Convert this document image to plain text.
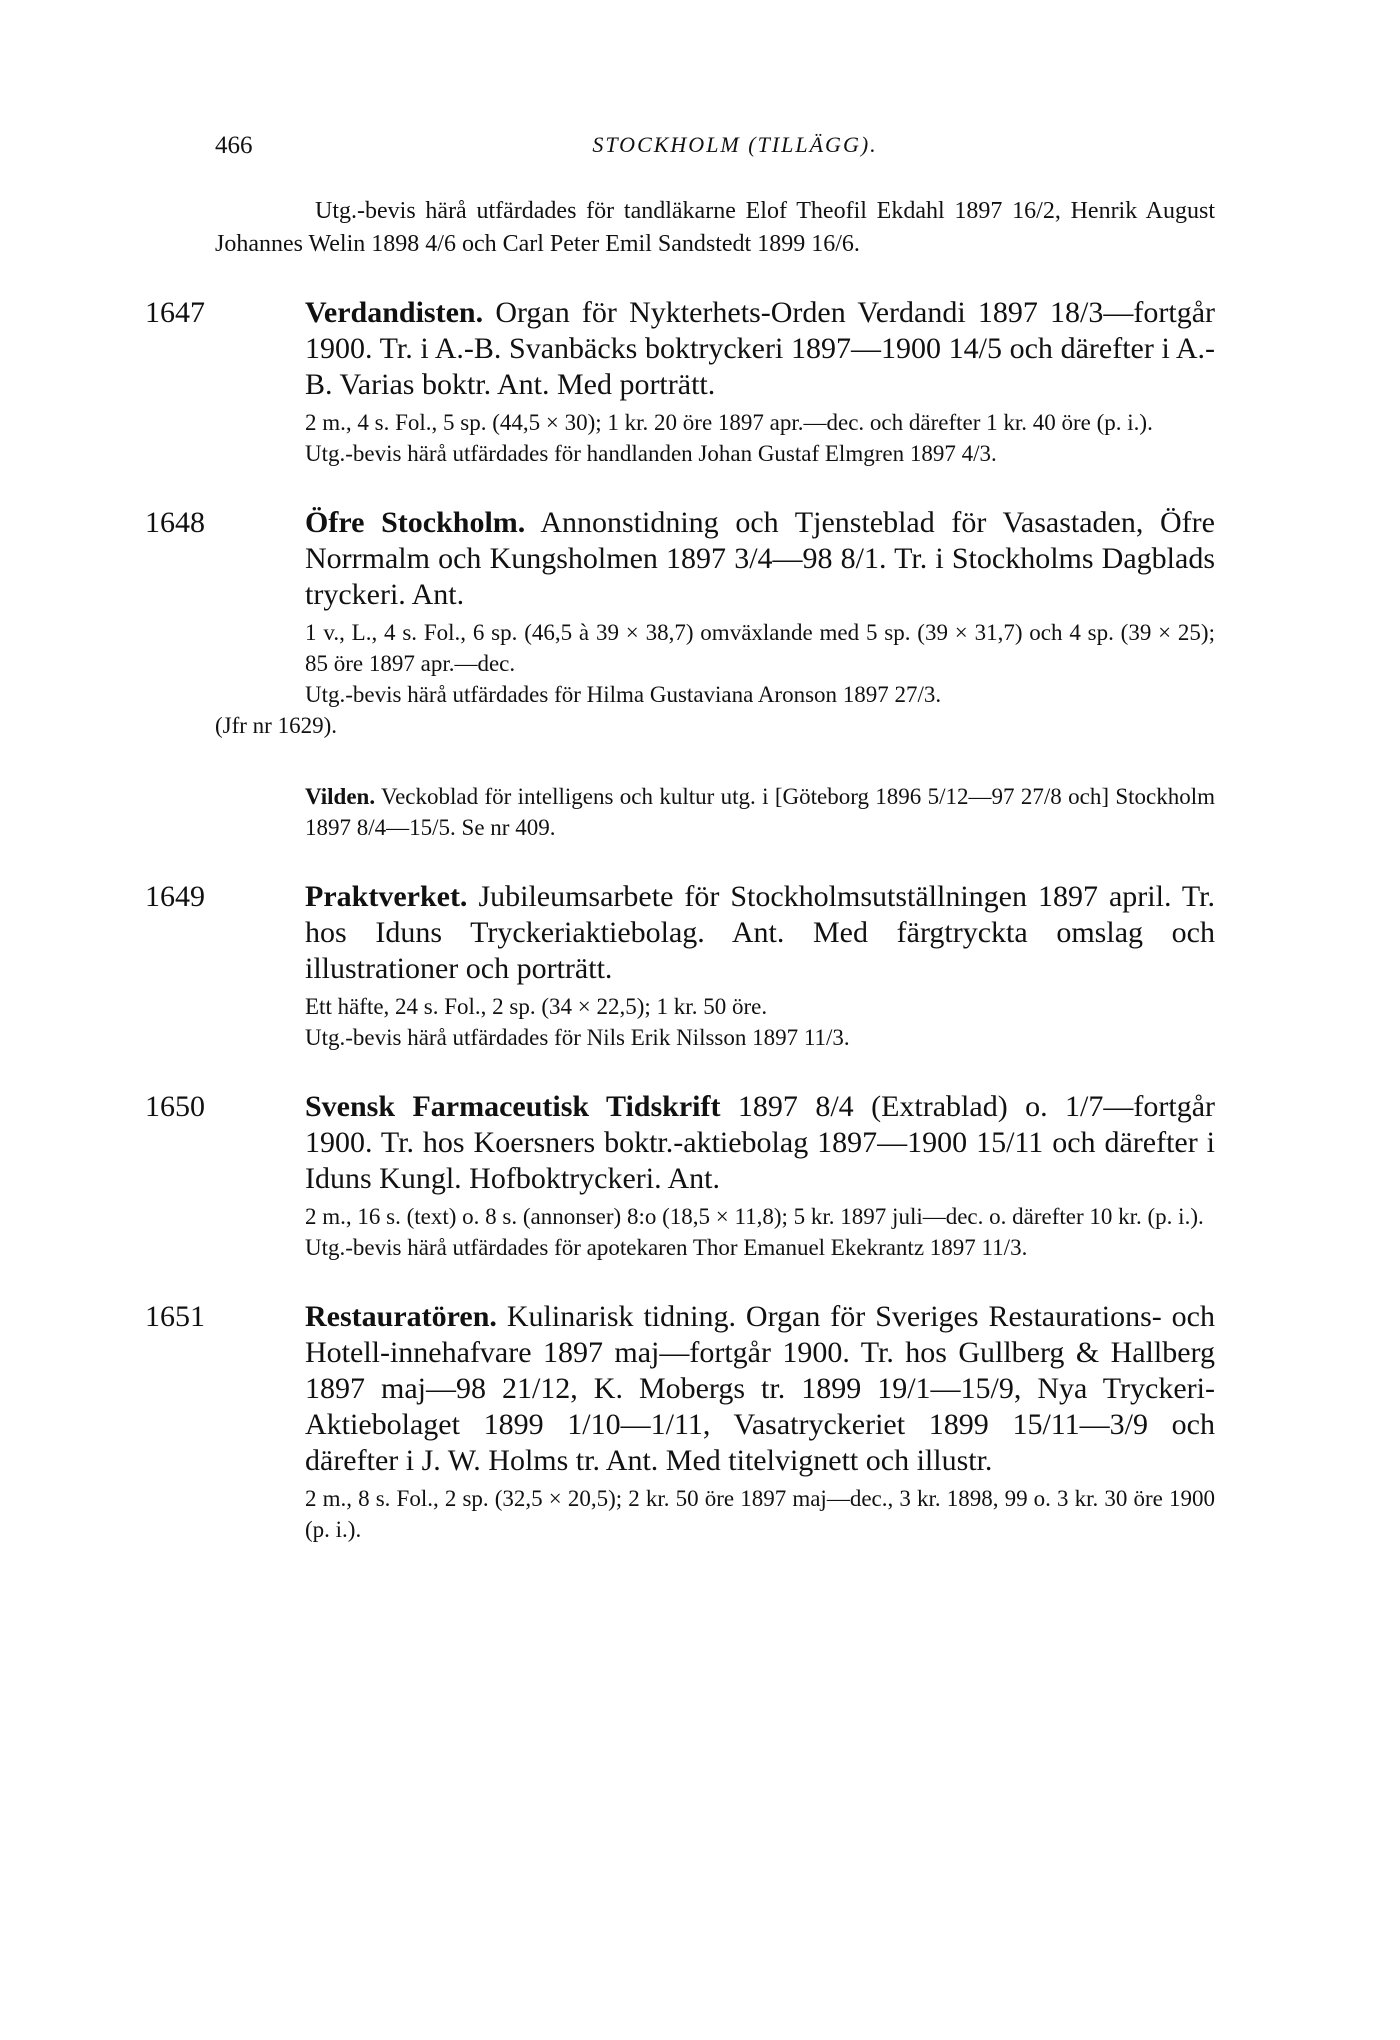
466	STOCKHOLM (TILLÄGG).

Utg.-bevis härå utfärdades för tandläkarne Elof Theofil Ekdahl 1897 16/2, Henrik August Johannes Welin 1898 4/6 och Carl Peter Emil Sandstedt 1899 16/6.

1647	Verdandisten. Organ för Nykterhets-Orden Verdandi 1897 18/3—fortgår 1900. Tr. i A.-B. Svanbäcks boktryckeri 1897—1900 14/5 och därefter i A.-B. Varias boktr. Ant. Med porträtt.
2 m., 4 s. Fol., 5 sp. (44,5 × 30); 1 kr. 20 öre 1897 apr.—dec. och därefter 1 kr. 40 öre (p. i.).
Utg.-bevis härå utfärdades för handlanden Johan Gustaf Elmgren 1897 4/3.
1648	Öfre Stockholm. Annonstidning och Tjensteblad för Vasastaden, Öfre Norrmalm och Kungsholmen 1897 3/4—98 8/1. Tr. i Stockholms Dagblads tryckeri. Ant.
1 v., L., 4 s. Fol., 6 sp. (46,5 à 39 × 38,7) omväxlande med 5 sp. (39 × 31,7) och 4 sp. (39 × 25); 85 öre 1897 apr.—dec.
Utg.-bevis härå utfärdades för Hilma Gustaviana Aronson 1897 27/3.
(Jfr nr 1629).
Vilden. Veckoblad för intelligens och kultur utg. i [Göteborg 1896 5/12—97 27/8 och] Stockholm 1897 8/4—15/5. Se nr 409.
1649	Praktverket. Jubileumsarbete för Stockholmsutställningen 1897 april. Tr. hos Iduns Tryckeriaktiebolag. Ant. Med färgtryckta omslag och illustrationer och porträtt.
Ett häfte, 24 s. Fol., 2 sp. (34 × 22,5); 1 kr. 50 öre.
Utg.-bevis härå utfärdades för Nils Erik Nilsson 1897 11/3.
1650	Svensk Farmaceutisk Tidskrift 1897 8/4 (Extrablad) o. 1/7—fortgår 1900. Tr. hos Koersners boktr.-aktiebolag 1897—1900 15/11 och därefter i Iduns Kungl. Hofboktryckeri. Ant.
2 m., 16 s. (text) o. 8 s. (annonser) 8:o (18,5 × 11,8); 5 kr. 1897 juli—dec. o. därefter 10 kr. (p. i.).
Utg.-bevis härå utfärdades för apotekaren Thor Emanuel Ekekrantz 1897 11/3.
1651	Restauratören. Kulinarisk tidning. Organ för Sveriges Restaurations- och Hotell-innehafvare 1897 maj—fortgår 1900. Tr. hos Gullberg & Hallberg 1897 maj—98 21/12, K. Mobergs tr. 1899 19/1—15/9, Nya Tryckeri-Aktiebolaget 1899 1/10—1/11, Vasatryckeriet 1899 15/11—3/9 och därefter i J. W. Holms tr. Ant. Med titelvignett och illustr.
2 m., 8 s. Fol., 2 sp. (32,5 × 20,5); 2 kr. 50 öre 1897 maj—dec., 3 kr. 1898, 99 o. 3 kr. 30 öre 1900 (p. i.).
